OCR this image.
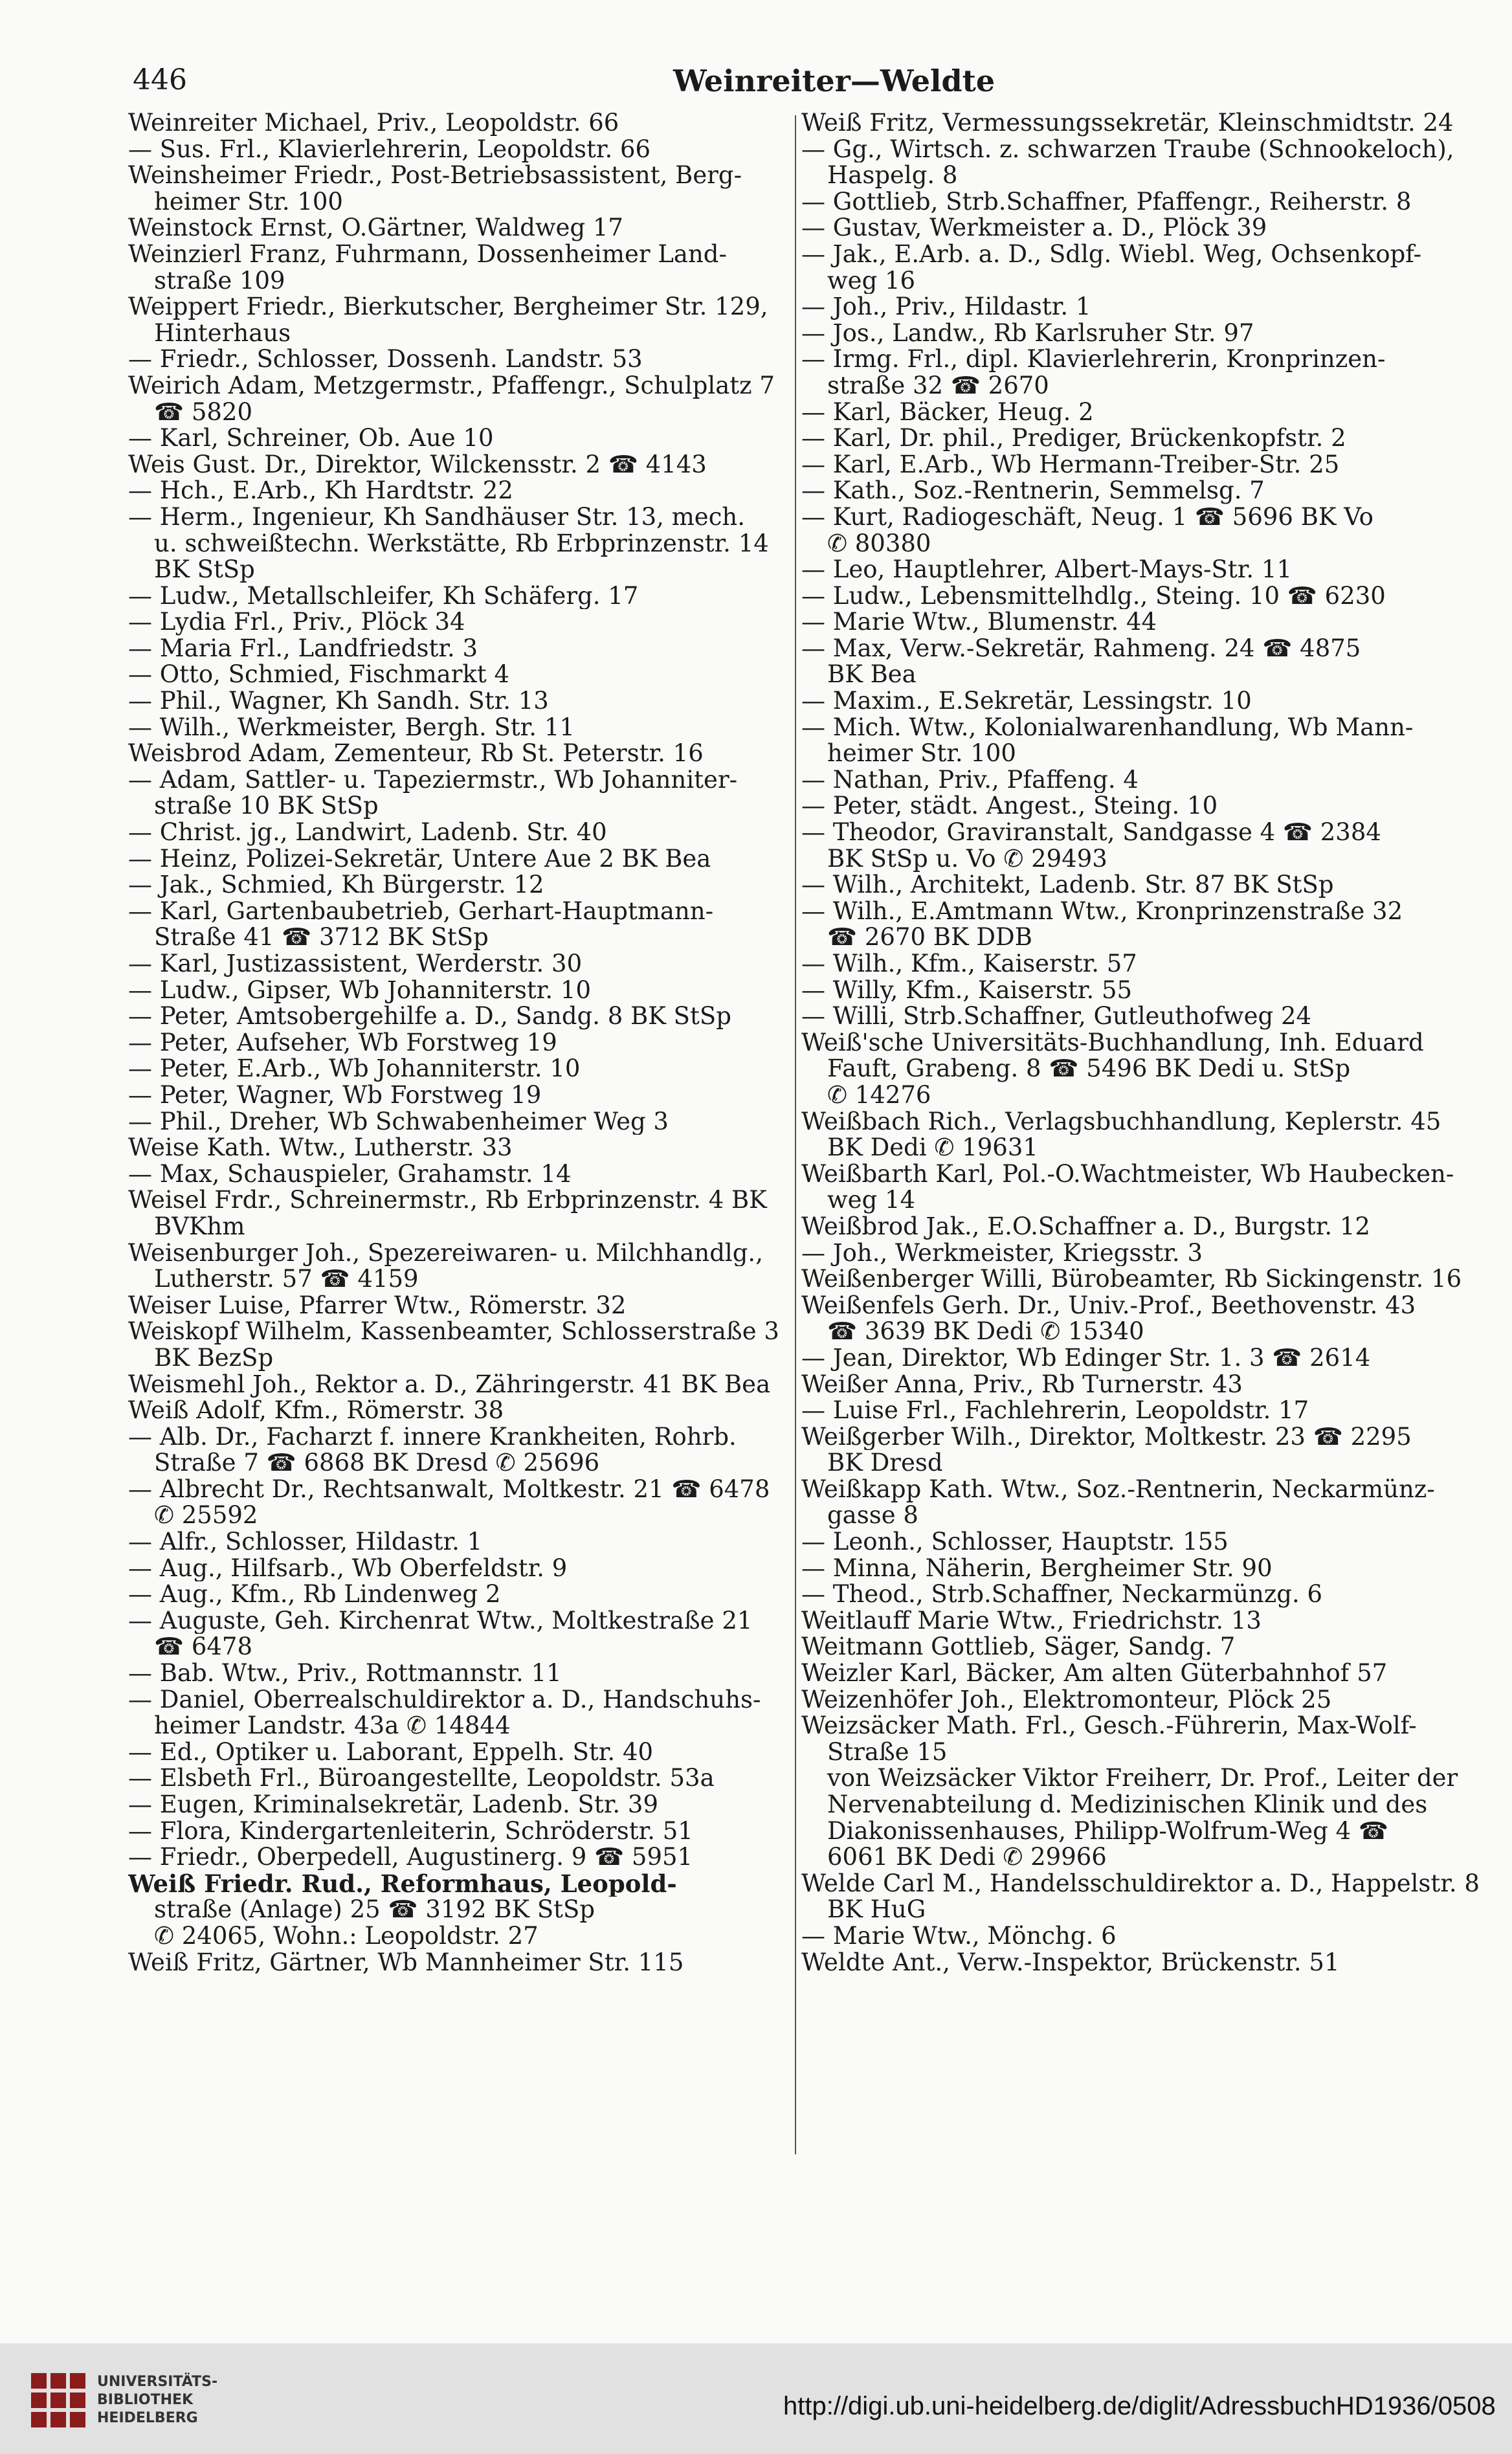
446	Weinreiter—Weldte
Weinreiter Michael, Priv., Leopoldstr. 66
— Sus. Frl., Klavierlehrerin, Leopoldstr. 66
Weinsheimer Friedr., Post-Betriebsassistent, Berg-
heimer Str. 100
Weinstock Ernst, O.Gärtner, Waldweg 17
Weinzierl Franz, Fuhrmann, Dossenheimer Land-
straße 109
Weippert Friedr., Bierkutscher, Bergheimer Str. 129,
Hinterhaus
— Friedr., Schlosser, Dossenh. Landstr. 53
Weirich Adam, Metzgermstr., Pfaffengr., Schulplatz 7
☎ 5820
— Karl, Schreiner, Ob. Aue 10
Weis Gust. Dr., Direktor, Wilckensstr. 2 ☎ 4143
— Hch., E.Arb., Kh Hardtstr. 22
— Herm., Ingenieur, Kh Sandhäuser Str. 13, mech.
u. schweißtechn. Werkstätte, Rb Erbprinzenstr. 14
BK StSp
— Ludw., Metallschleifer, Kh Schäferg. 17
— Lydia Frl., Priv., Plöck 34
— Maria Frl., Landfriedstr. 3
— Otto, Schmied, Fischmarkt 4
— Phil., Wagner, Kh Sandh. Str. 13
— Wilh., Werkmeister, Bergh. Str. 11
Weisbrod Adam, Zementeur, Rb St. Peterstr. 16
— Adam, Sattler- u. Tapeziermstr., Wb Johanniter-
straße 10 BK StSp
— Christ. jg., Landwirt, Ladenb. Str. 40
— Heinz, Polizei-Sekretär, Untere Aue 2 BK Bea
— Jak., Schmied, Kh Bürgerstr. 12
— Karl, Gartenbaubetrieb, Gerhart-Hauptmann-
Straße 41 ☎ 3712 BK StSp
— Karl, Justizassistent, Werderstr. 30
— Ludw., Gipser, Wb Johanniterstr. 10
— Peter, Amtsobergehilfe a. D., Sandg. 8 BK StSp
— Peter, Aufseher, Wb Forstweg 19
— Peter, E.Arb., Wb Johanniterstr. 10
— Peter, Wagner, Wb Forstweg 19
— Phil., Dreher, Wb Schwabenheimer Weg 3
Weise Kath. Wtw., Lutherstr. 33
— Max, Schauspieler, Grahamstr. 14
Weisel Frdr., Schreinermstr., Rb Erbprinzenstr. 4 BK
BVKhm
Weisenburger Joh., Spezereiwaren- u. Milchhandlg.,
Lutherstr. 57 ☎ 4159
Weiser Luise, Pfarrer Wtw., Römerstr. 32
Weiskopf Wilhelm, Kassenbeamter, Schlosserstraße 3
BK BezSp
Weismehl Joh., Rektor a. D., Zähringerstr. 41 BK Bea
Weiß Adolf, Kfm., Römerstr. 38
— Alb. Dr., Facharzt f. innere Krankheiten, Rohrb.
Straße 7 ☎ 6868 BK Dresd ✆ 25696
— Albrecht Dr., Rechtsanwalt, Moltkestr. 21 ☎ 6478
✆ 25592
— Alfr., Schlosser, Hildastr. 1
— Aug., Hilfsarb., Wb Oberfeldstr. 9
— Aug., Kfm., Rb Lindenweg 2
— Auguste, Geh. Kirchenrat Wtw., Moltkestraße 21
☎ 6478
— Bab. Wtw., Priv., Rottmannstr. 11
— Daniel, Oberrealschuldirektor a. D., Handschuhs-
heimer Landstr. 43a ✆ 14844
— Ed., Optiker u. Laborant, Eppelh. Str. 40
— Elsbeth Frl., Büroangestellte, Leopoldstr. 53a
— Eugen, Kriminalsekretär, Ladenb. Str. 39
— Flora, Kindergartenleiterin, Schröderstr. 51
— Friedr., Oberpedell, Augustinerg. 9 ☎ 5951
Weiß Friedr. Rud., Reformhaus, Leopold-
straße (Anlage) 25 ☎ 3192 BK StSp
✆ 24065, Wohn.: Leopoldstr. 27
Weiß Fritz, Gärtner, Wb Mannheimer Str. 115
Weiß Fritz, Vermessungssekretär, Kleinschmidtstr. 24
— Gg., Wirtsch. z. schwarzen Traube (Schnookeloch),
Haspelg. 8
— Gottlieb, Strb.Schaffner, Pfaffengr., Reiherstr. 8
— Gustav, Werkmeister a. D., Plöck 39
— Jak., E.Arb. a. D., Sdlg. Wiebl. Weg, Ochsenkopf-
weg 16
— Joh., Priv., Hildastr. 1
— Jos., Landw., Rb Karlsruher Str. 97
— Irmg. Frl., dipl. Klavierlehrerin, Kronprinzen-
straße 32 ☎ 2670
— Karl, Bäcker, Heug. 2
— Karl, Dr. phil., Prediger, Brückenkopfstr. 2
— Karl, E.Arb., Wb Hermann-Treiber-Str. 25
— Kath., Soz.-Rentnerin, Semmelsg. 7
— Kurt, Radiogeschäft, Neug. 1 ☎ 5696 BK Vo
✆ 80380
— Leo, Hauptlehrer, Albert-Mays-Str. 11
— Ludw., Lebensmittelhdlg., Steing. 10 ☎ 6230
— Marie Wtw., Blumenstr. 44
— Max, Verw.-Sekretär, Rahmeng. 24 ☎ 4875
BK Bea
— Maxim., E.Sekretär, Lessingstr. 10
— Mich. Wtw., Kolonialwarenhandlung, Wb Mann-
heimer Str. 100
— Nathan, Priv., Pfaffeng. 4
— Peter, städt. Angest., Steing. 10
— Theodor, Graviranstalt, Sandgasse 4 ☎ 2384
BK StSp u. Vo ✆ 29493
— Wilh., Architekt, Ladenb. Str. 87 BK StSp
— Wilh., E.Amtmann Wtw., Kronprinzenstraße 32
☎ 2670 BK DDB
— Wilh., Kfm., Kaiserstr. 57
— Willy, Kfm., Kaiserstr. 55
— Willi, Strb.Schaffner, Gutleuthofweg 24
Weiß'sche Universitäts-Buchhandlung, Inh. Eduard
Fauft, Grabeng. 8 ☎ 5496 BK Dedi u. StSp
✆ 14276
Weißbach Rich., Verlagsbuchhandlung, Keplerstr. 45
BK Dedi ✆ 19631
Weißbarth Karl, Pol.-O.Wachtmeister, Wb Haubecken-
weg 14
Weißbrod Jak., E.O.Schaffner a. D., Burgstr. 12
— Joh., Werkmeister, Kriegsstr. 3
Weißenberger Willi, Bürobeamter, Rb Sickingenstr. 16
Weißenfels Gerh. Dr., Univ.-Prof., Beethovenstr. 43
☎ 3639 BK Dedi ✆ 15340
— Jean, Direktor, Wb Edinger Str. 1. 3 ☎ 2614
Weißer Anna, Priv., Rb Turnerstr. 43
— Luise Frl., Fachlehrerin, Leopoldstr. 17
Weißgerber Wilh., Direktor, Moltkestr. 23 ☎ 2295
BK Dresd
Weißkapp Kath. Wtw., Soz.-Rentnerin, Neckarmünz-
gasse 8
— Leonh., Schlosser, Hauptstr. 155
— Minna, Näherin, Bergheimer Str. 90
— Theod., Strb.Schaffner, Neckarmünzg. 6
Weitlauff Marie Wtw., Friedrichstr. 13
Weitmann Gottlieb, Säger, Sandg. 7
Weizler Karl, Bäcker, Am alten Güterbahnhof 57
Weizenhöfer Joh., Elektromonteur, Plöck 25
Weizsäcker Math. Frl., Gesch.-Führerin, Max-Wolf-
Straße 15
von Weizsäcker Viktor Freiherr, Dr. Prof., Leiter der
Nervenabteilung d. Medizinischen Klinik und des
Diakonissenhauses, Philipp-Wolfrum-Weg 4 ☎
6061 BK Dedi ✆ 29966
Welde Carl M., Handelsschuldirektor a. D., Happelstr. 8
BK HuG
— Marie Wtw., Mönchg. 6
Weldte Ant., Verw.-Inspektor, Brückenstr. 51
UNIVERSITÄTS-
BIBLIOTHEK
HEIDELBERG	http://digi.ub.uni-heidelberg.de/diglit/AdressbuchHD1936/0508
